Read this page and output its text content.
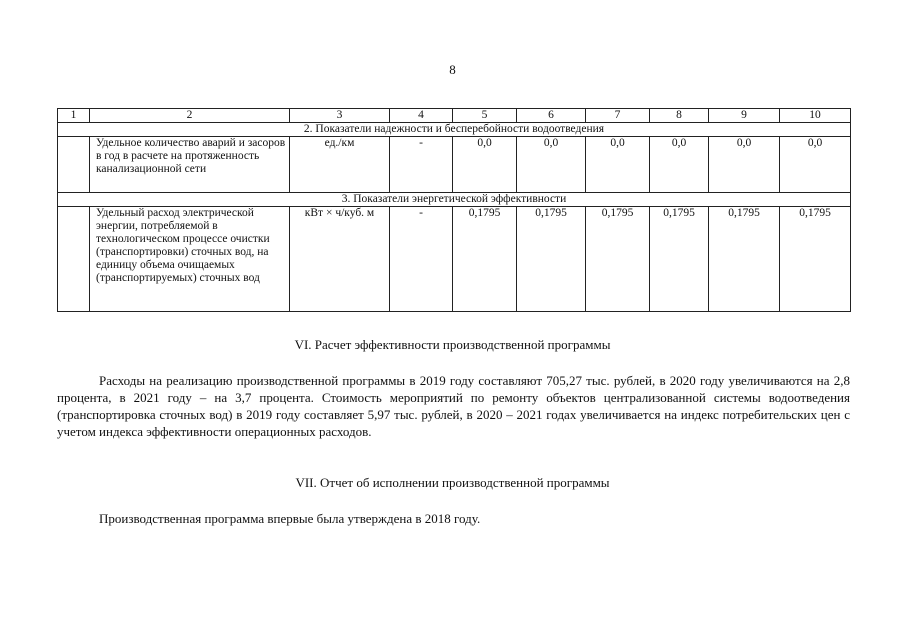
8
1	2	3	4	5	6	7	8	9	10
2. Показатели надежности и бесперебойности водоотведения									
	Удельное количество аварий и засоров в год в расчете на протяженность канализационной сети	ед./км	-	0,0	0,0	0,0	0,0	0,0	0,0
3. Показатели энергетической эффективности									
	Удельный расход электрической энергии, потребляемой в технологическом процессе очистки (транспортировки) сточных вод, на единицу объема очищаемых (транспортируемых) сточных вод	кВт × ч/куб. м	-	0,1795	0,1795	0,1795	0,1795	0,1795	0,1795
VI. Расчет эффективности производственной программы
Расходы на реализацию производственной программы в 2019 году составляют 705,27 тыс. рублей, в 2020 году увеличиваются на 2,8 процента, в 2021 году – на 3,7 процента. Стоимость мероприятий по ремонту объектов централизованной системы водоотведения (транспортировка сточных вод) в 2019 году составляет 5,97 тыс. рублей, в 2020 – 2021 годах увеличивается на индекс потребительских цен с учетом индекса эффективности операционных расходов.
VII. Отчет об исполнении производственной программы
Производственная программа впервые была утверждена в 2018 году.
